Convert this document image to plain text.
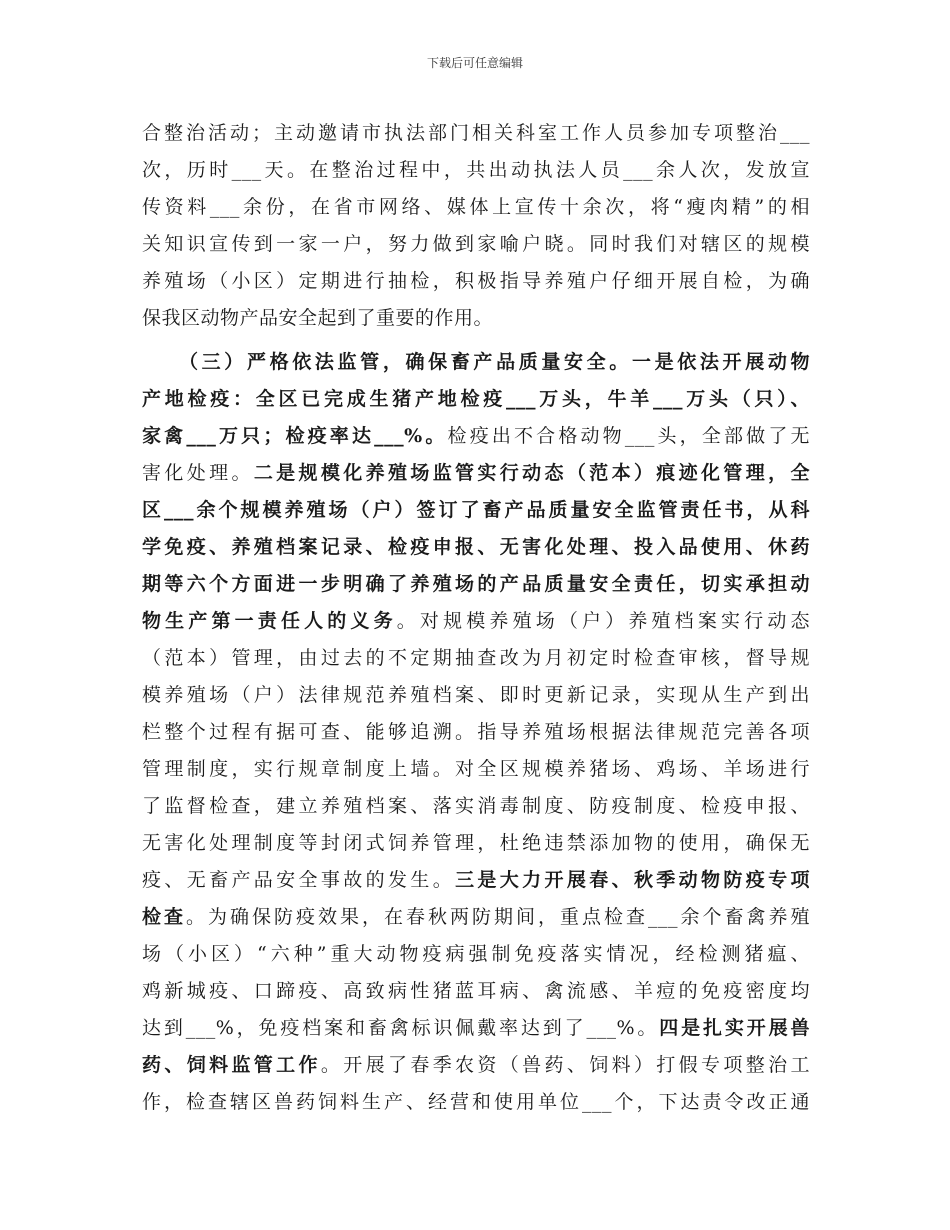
下载后可任意编辑
合整治活动；主动邀请市执法部门相关科室工作人员参加专项整治___
次，历时___天。在整治过程中，共出动执法人员___余人次，发放宣
传资料___余份，在省市网络、媒体上宣传十余次，将“瘦肉精”的相
关知识宣传到一家一户，努力做到家喻户晓。同时我们对辖区的规模
养殖场（小区）定期进行抽检，积极指导养殖户仔细开展自检，为确
保我区动物产品安全起到了重要的作用。
（三）严格依法监管，确保畜产品质量安全。一是依法开展动物
产地检疫：全区已完成生猪产地检疫___万头，牛羊___万头（只）、
家禽___万只；检疫率达___%。检疫出不合格动物___头，全部做了无
害化处理。二是规模化养殖场监管实行动态（范本）痕迹化管理，全
区___余个规模养殖场（户）签订了畜产品质量安全监管责任书，从科
学免疫、养殖档案记录、检疫申报、无害化处理、投入品使用、休药
期等六个方面进一步明确了养殖场的产品质量安全责任，切实承担动
物生产第一责任人的义务。对规模养殖场（户）养殖档案实行动态
（范本）管理，由过去的不定期抽查改为月初定时检查审核，督导规
模养殖场（户）法律规范养殖档案、即时更新记录，实现从生产到出
栏整个过程有据可查、能够追溯。指导养殖场根据法律规范完善各项
管理制度，实行规章制度上墙。对全区规模养猪场、鸡场、羊场进行
了监督检查，建立养殖档案、落实消毒制度、防疫制度、检疫申报、
无害化处理制度等封闭式饲养管理，杜绝违禁添加物的使用，确保无
疫、无畜产品安全事故的发生。三是大力开展春、秋季动物防疫专项
检查。为确保防疫效果，在春秋两防期间，重点检查___余个畜禽养殖
场（小区）“六种”重大动物疫病强制免疫落实情况，经检测猪瘟、
鸡新城疫、口蹄疫、高致病性猪蓝耳病、禽流感、羊痘的免疫密度均
达到___%，免疫档案和畜禽标识佩戴率达到了___%。四是扎实开展兽
药、饲料监管工作。开展了春季农资（兽药、饲料）打假专项整治工
作，检查辖区兽药饲料生产、经营和使用单位___个，下达责令改正通
